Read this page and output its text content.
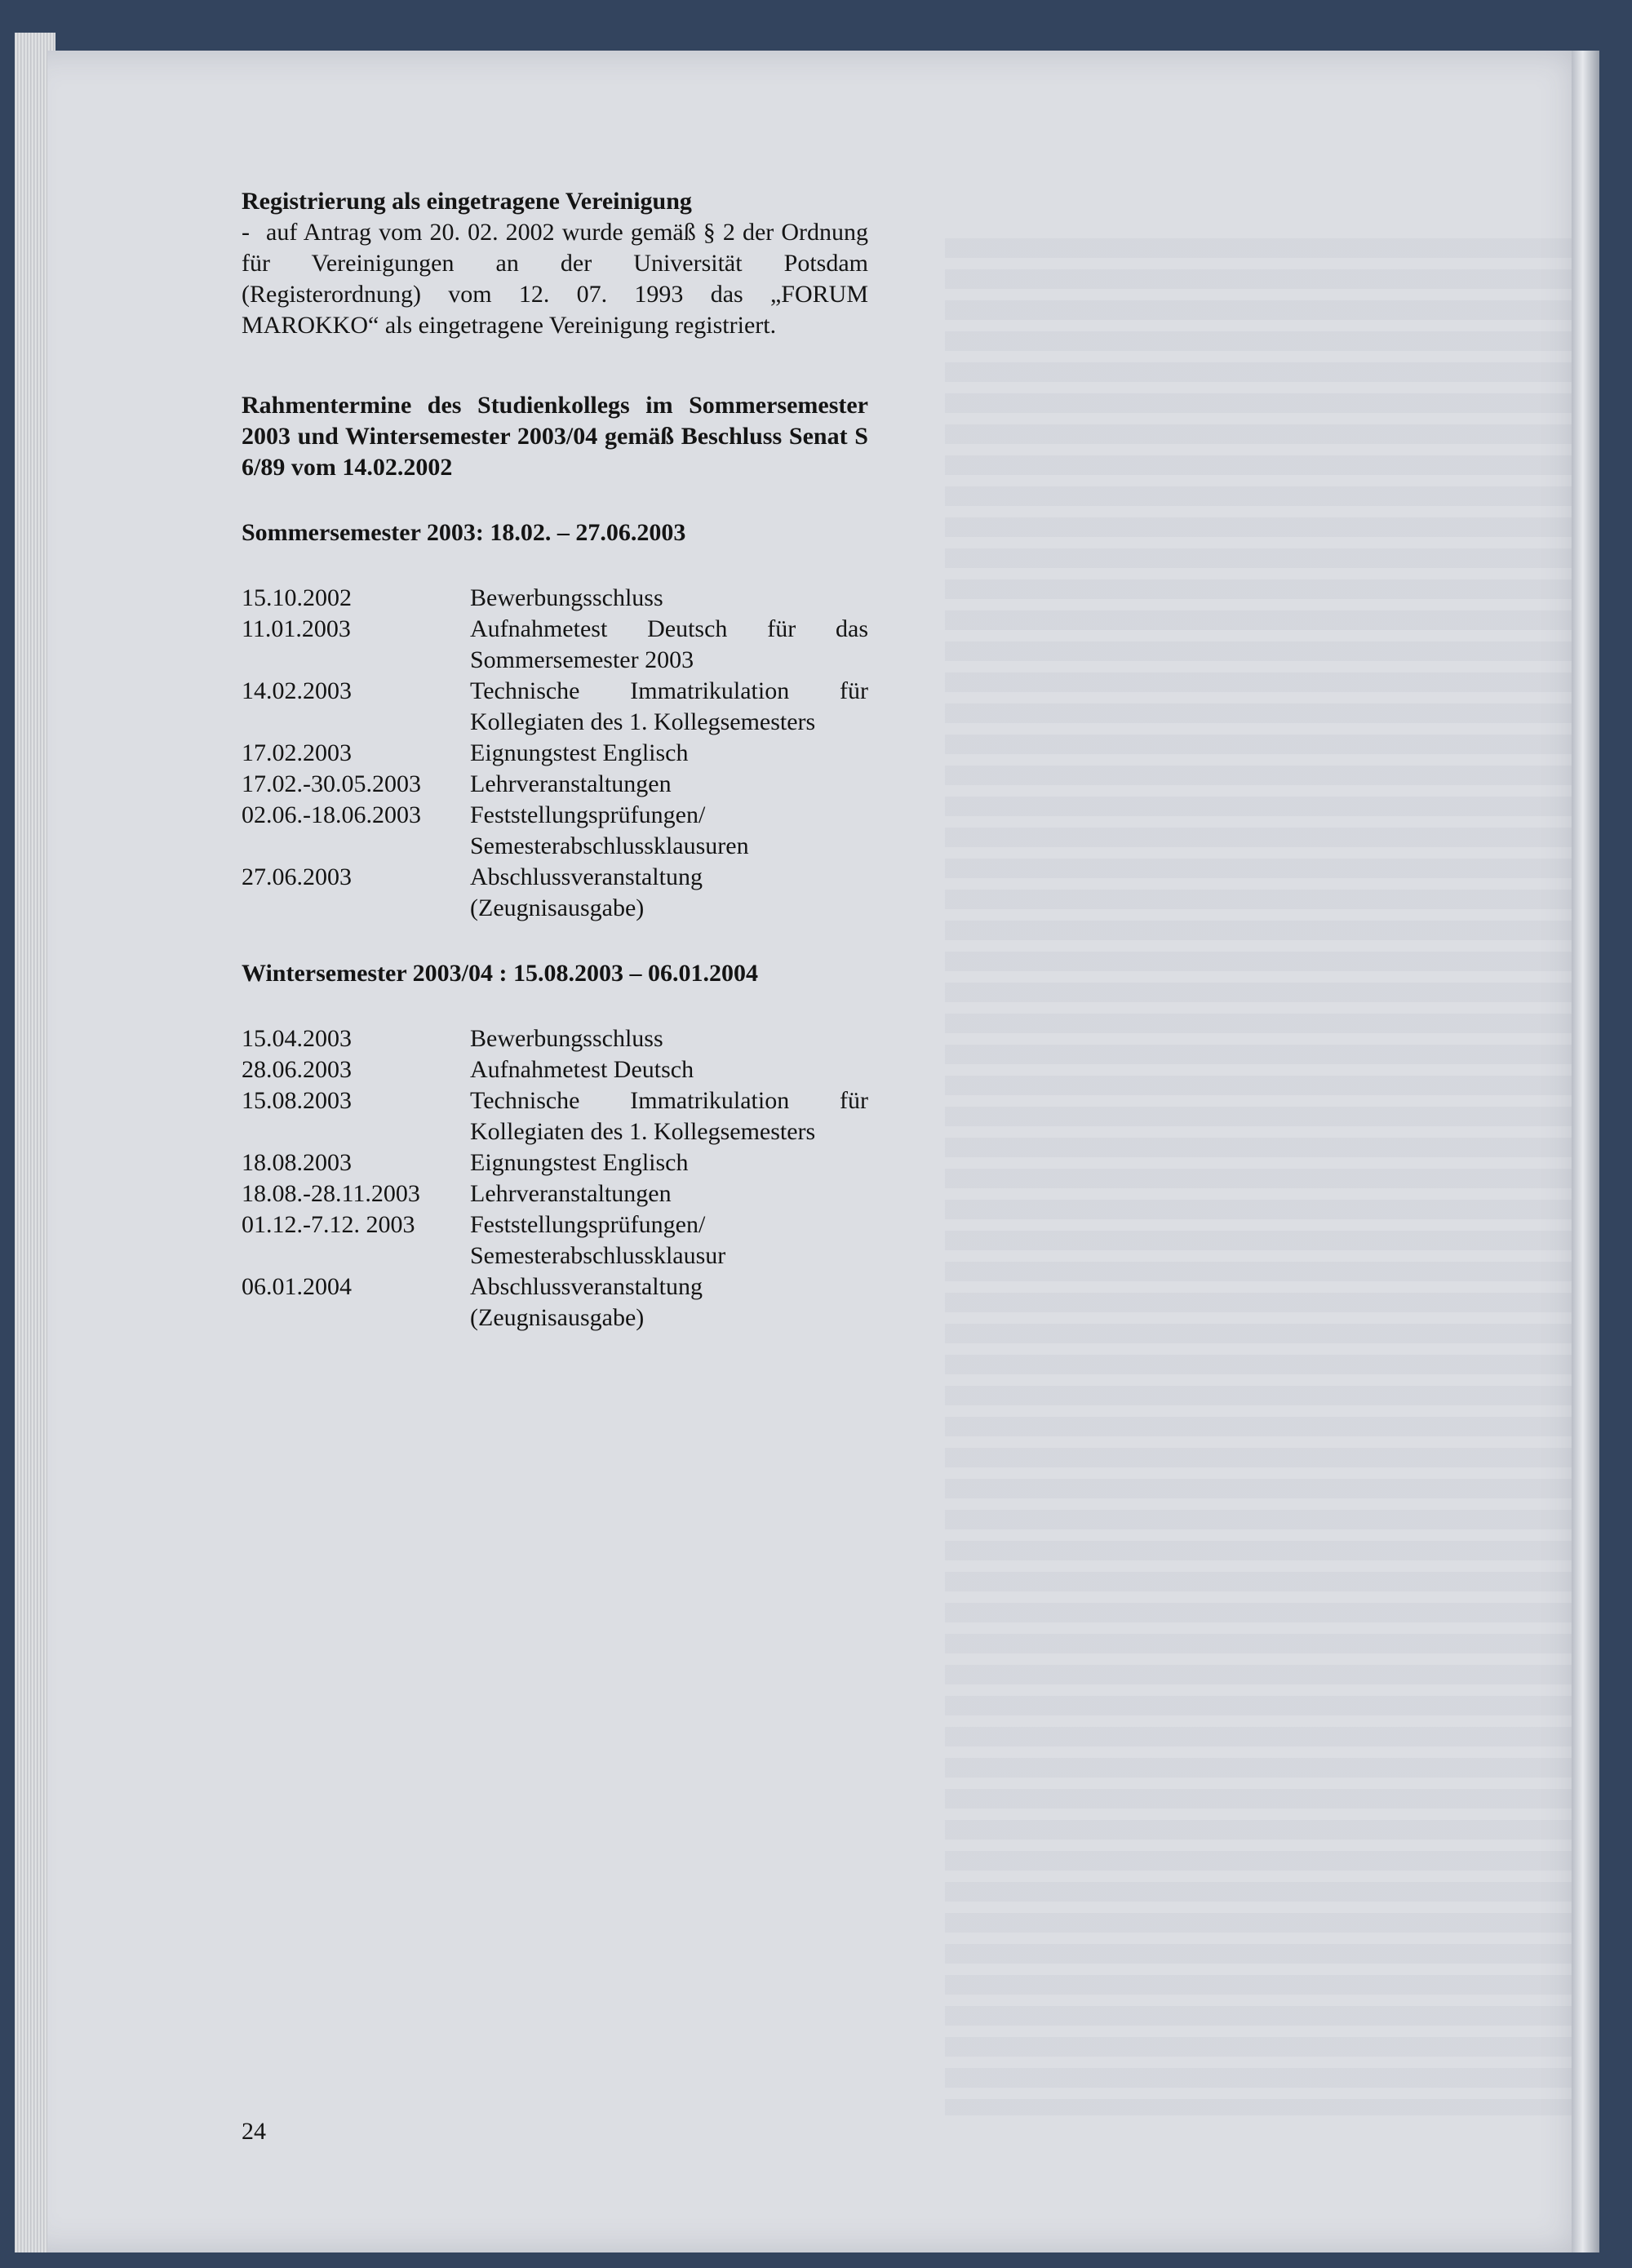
Registrierung als eingetragene Vereinigung

- auf Antrag vom 20. 02. 2002 wurde gemäß § 2 der Ordnung für Vereinigungen an der Universität Potsdam (Registerordnung) vom 12. 07. 1993 das „FORUM MAROKKO“ als eingetragene Vereinigung registriert.

Rahmentermine des Studienkollegs im Sommersemester 2003 und Wintersemester 2003/04 gemäß Beschluss Senat S 6/89 vom 14.02.2002

Sommersemester 2003: 18.02. – 27.06.2003

15.10.2002	Bewerbungsschluss
11.01.2003	Aufnahmetest Deutsch für das Sommersemester 2003
14.02.2003	Technische Immatrikulation für Kollegiaten des 1. Kollegsemesters
17.02.2003	Eignungstest Englisch
17.02.-30.05.2003	Lehrveranstaltungen
02.06.-18.06.2003	Feststellungsprüfungen/ Semesterabschlussklausuren
27.06.2003	Abschlussveranstaltung (Zeugnisausgabe)

Wintersemester 2003/04 : 15.08.2003 – 06.01.2004

15.04.2003	Bewerbungsschluss
28.06.2003	Aufnahmetest Deutsch
15.08.2003	Technische Immatrikulation für Kollegiaten des 1. Kollegsemesters
18.08.2003	Eignungstest Englisch
18.08.-28.11.2003	Lehrveranstaltungen
01.12.-7.12. 2003	Feststellungsprüfungen/ Semesterabschlussklausur
06.01.2004	Abschlussveranstaltung (Zeugnisausgabe)
24
